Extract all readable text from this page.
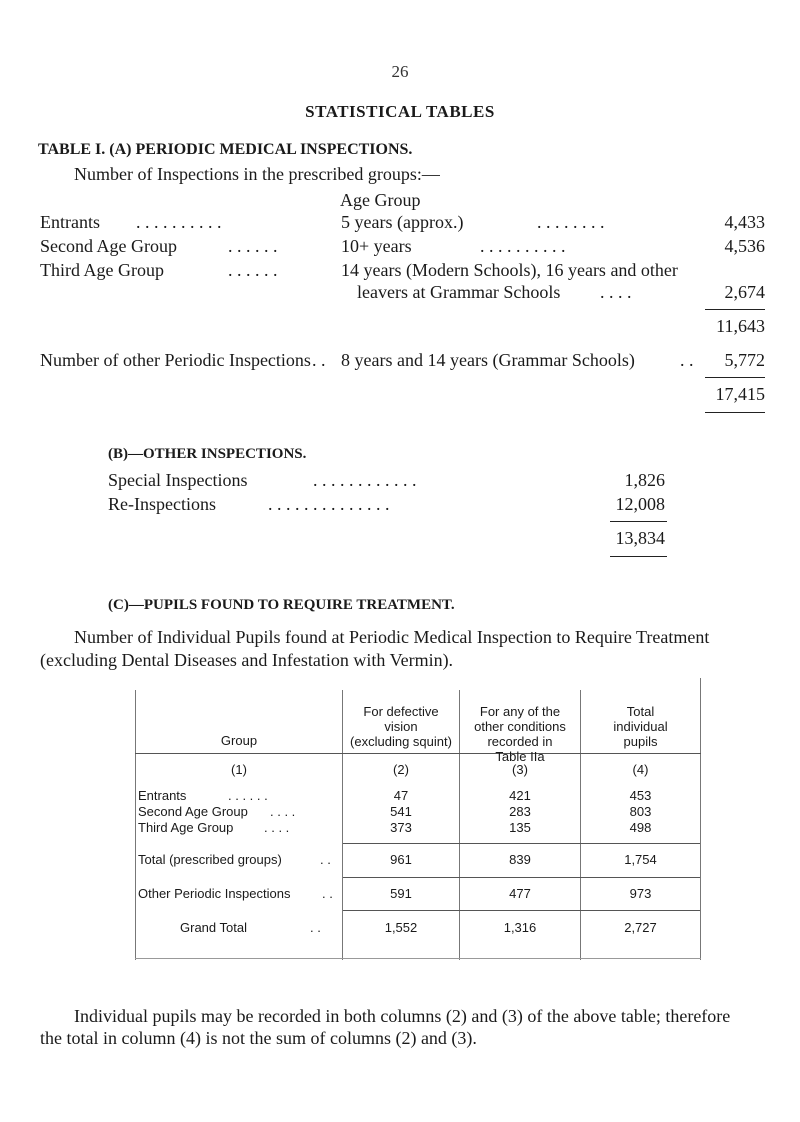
26
STATISTICAL TABLES
TABLE I. (A) PERIODIC MEDICAL INSPECTIONS.
Number of Inspections in the prescribed groups:—
Age Group
Entrants . . . . . . . . . .	5 years (approx.)	. . . . . . . .	4,433
Second Age Group	. . . . . .	10+ years	. . . . . . . . . .	4,536
Third Age Group	. . . . . .	14 years (Modern Schools), 16 years and other
leavers at Grammar Schools . . . .	2,674
11,643
Number of other Periodic Inspections . . 8 years and 14 years (Grammar Schools)	. .	5,772
17,415
(B)—OTHER INSPECTIONS.
Special Inspections	. . . . . . . . . . . .	1,826
Re-Inspections	. . . . . . . . . . . . . .	12,008
13,834
(C)—PUPILS FOUND TO REQUIRE TREATMENT.
Number of Individual Pupils found at Periodic Medical Inspection to Require Treatment
(excluding Dental Diseases and Infestation with Vermin).
Group
(1)
For defective
vision
(excluding squint)
(2)
For any of the
other conditions
recorded in
Table IIa
(3)
Total
individual
pupils
(4)
Entrants	. . . . . .	47	421	453
Second Age Group . . . .	541	283	803
Third Age Group . . . .	373	135	498
Total (prescribed groups)	. .	961	839	1,754
Other Periodic Inspections . .	591	477	973
Grand Total	. .	1,552	1,316	2,727
Individual pupils may be recorded in both columns (2) and (3) of the above table; therefore
the total in column (4) is not the sum of columns (2) and (3).
